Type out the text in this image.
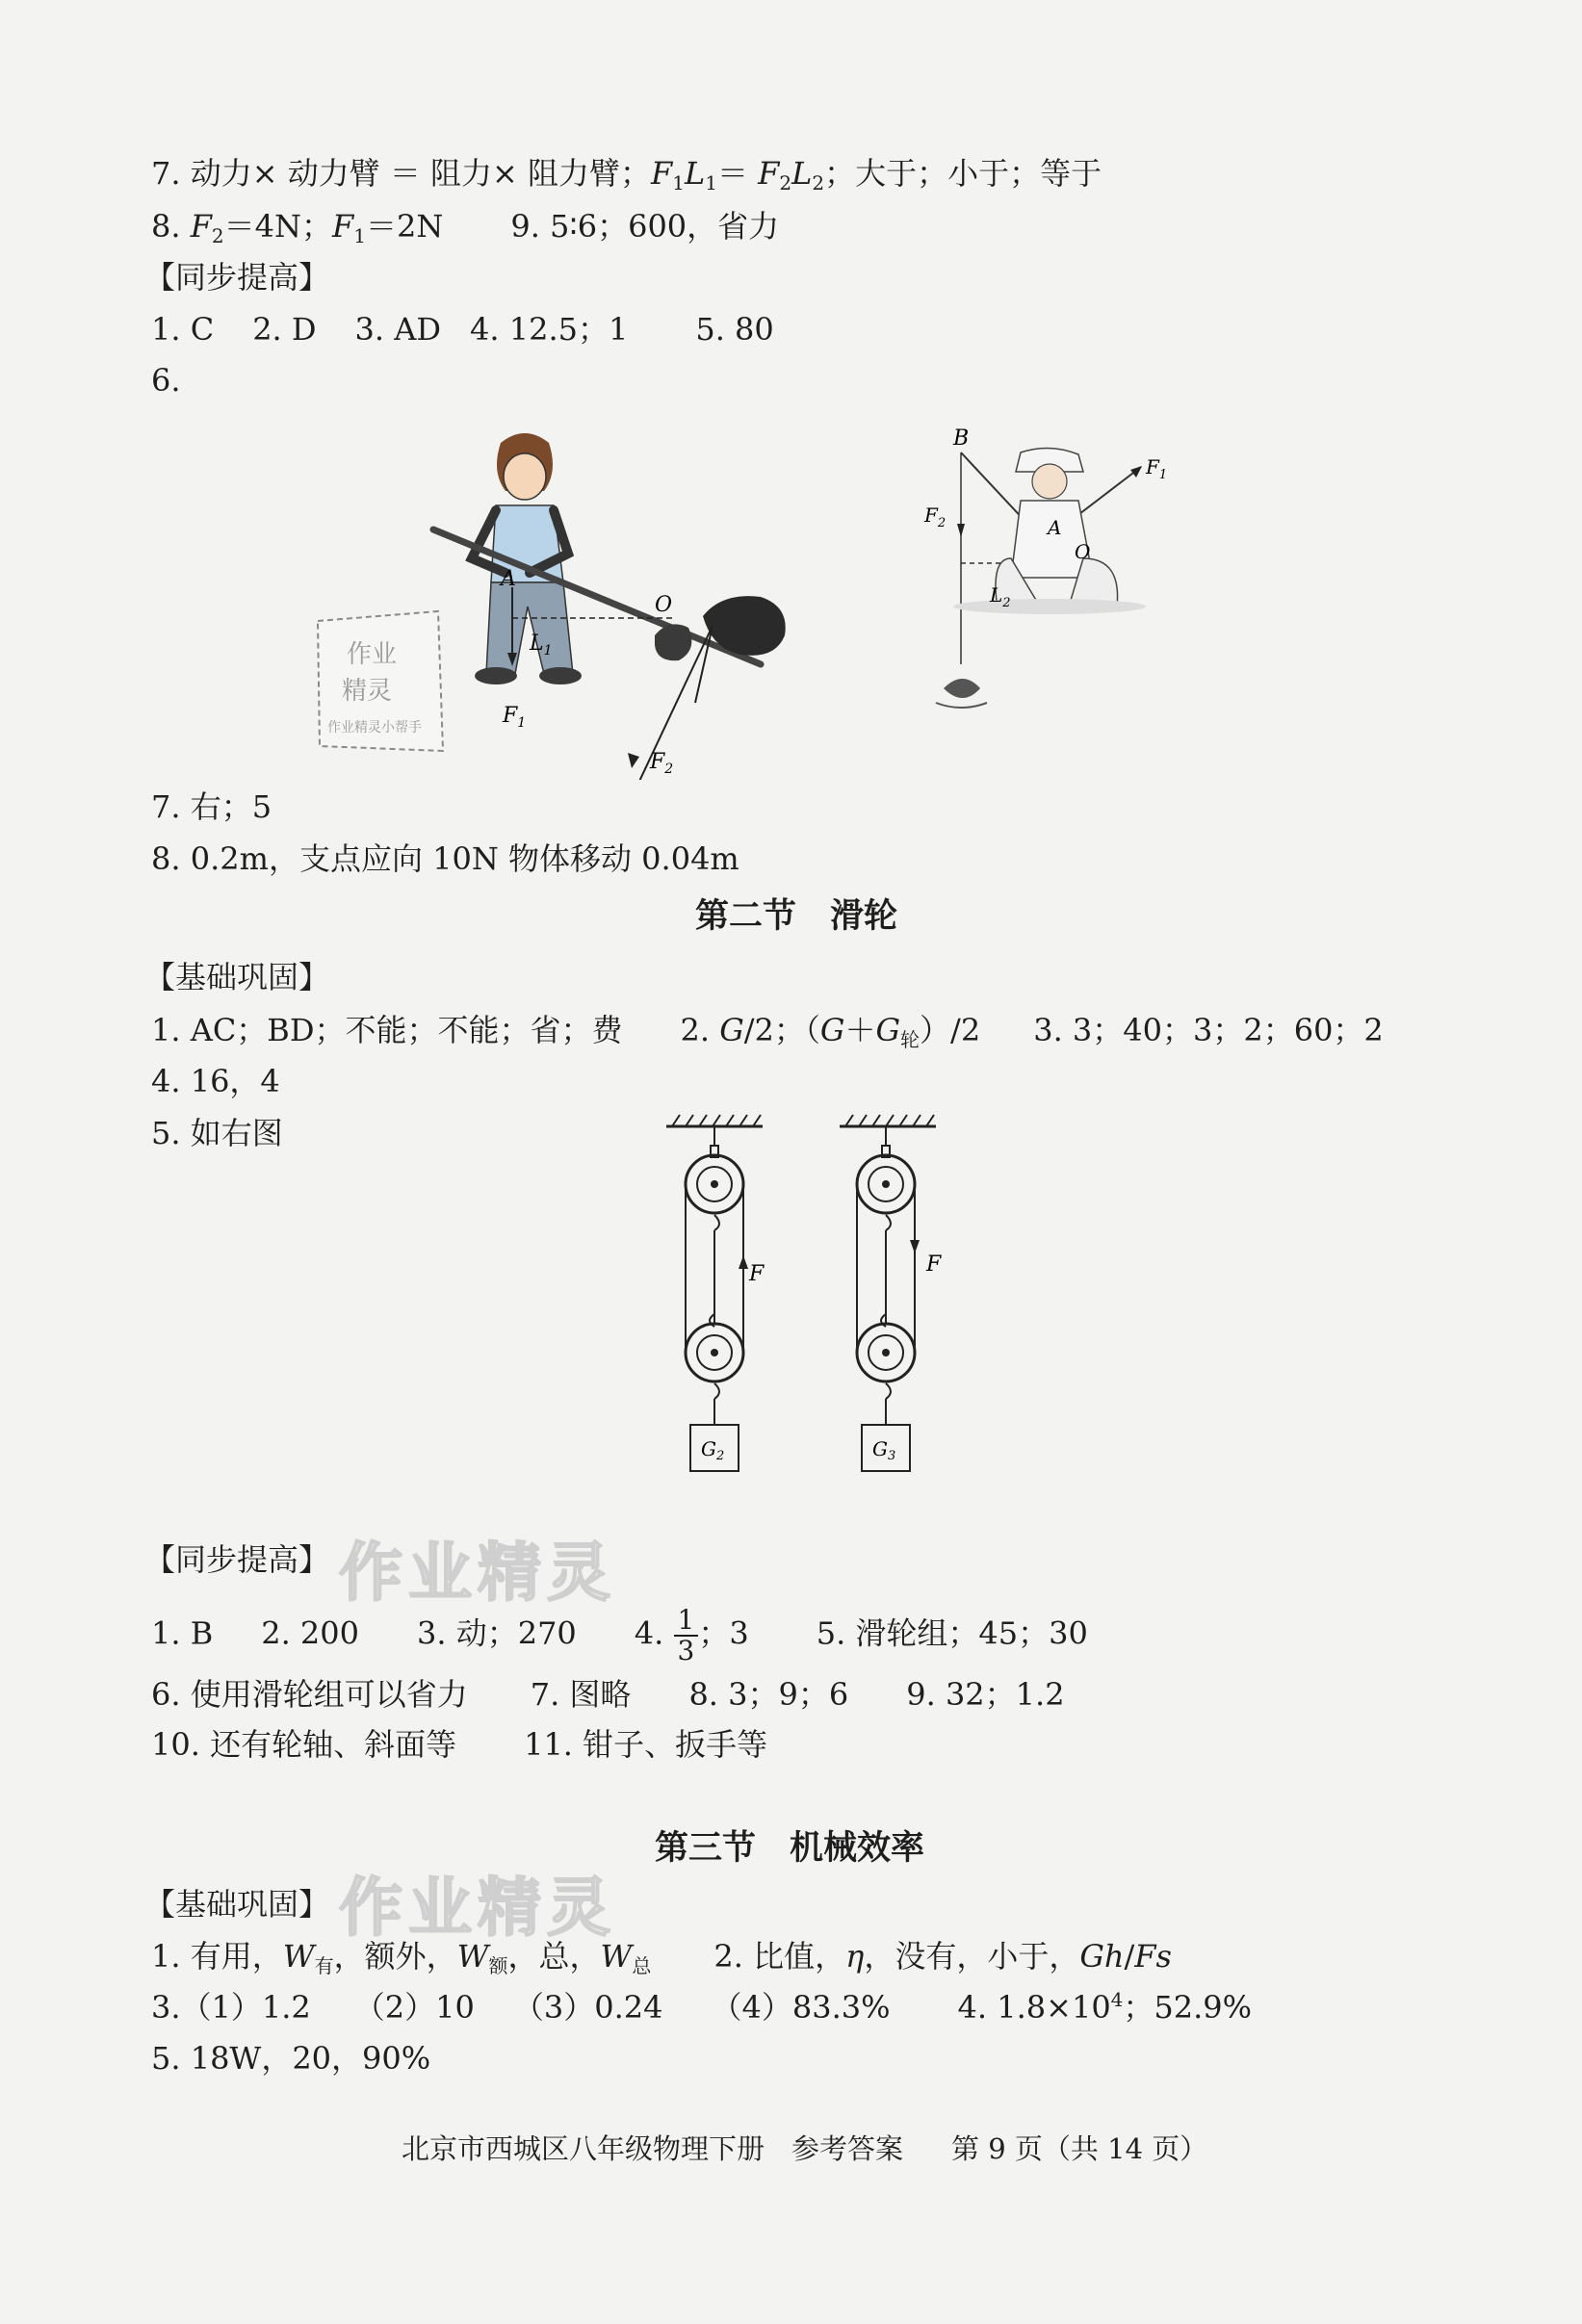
7. 动力× 动力臂 ＝ 阻力× 阻力臂；$F_1L_1= F_2L_2$；大于；小于；等于
8. $F_2=4N$；$F_1=2N$ 9. 5∶6；600，省力
【同步提高】
1. C 2. D 3. AD 4. 12.5；1 5. 80
6.
作业
精灵
作业精灵小帮手
A
O
$L_1$
$F_1$
$F_2$
B
$F_1$
$F_2$	A
O
$L_2$
7. 右；5
8. 0.2m，支点应向 10N 物体移动 0.04m
第二节　滑轮
【基础巩固】
1. AC；BD；不能；不能；省；费 2. G/2；$(G+G_轮)/2$ 3. 3；40；3；2；60；2
4. 16，4
5. 如右图
$G_2$
F
$G_3$
F
作业精灵
【同步提高】
1. B 2. 200 3. 动；270 4. $\frac{1}{3}$ ；3 5. 滑轮组；45；30
6. 使用滑轮组可以省力 7. 图略 8. 3；9；6 9. 32；1.2
10. 还有轮轴、斜面等 11. 钳子、扳手等
第三节　机械效率
作业精灵
【基础巩固】
1. 有用，$W_有$，额外，$W_额$，总，$W_总$ 2. 比值，η，没有，小于，Gh/Fs
3.（1）1.2 （2）10 （3）0.24 （4）83.3% 4. $1.8\times 10^4$；52.9%
5. 18W，20，90%
北京市西城区八年级物理下册 参考答案 第 9 页（共 14 页）
